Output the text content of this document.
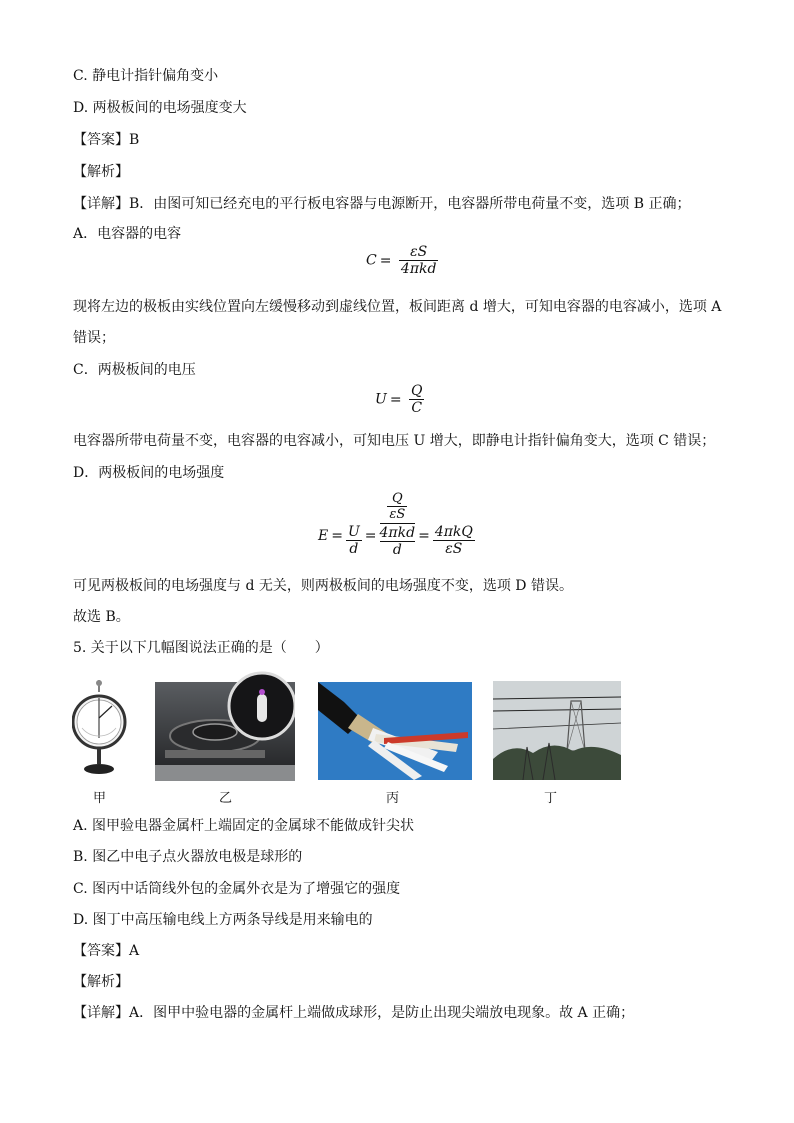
C. 静电计指针偏角变小
D. 两极板间的电场强度变大
【答案】B
【解析】
【详解】B．由图可知已经充电的平行板电容器与电源断开，电容器所带电荷量不变，选项 B 正确；
A．电容器的电容
$C = \frac{\varepsilon S}{\text{4πkd}}$
现将左边的极板由实线位置向左缓慢移动到虚线位置，板间距离 d 增大，可知电容器的电容减小，选项 A
错误；
C．两极板间的电压
$U = \frac{Q}{C}$
电容器所带电荷量不变，电容器的电容减小，可知电压 U 增大，即静电计指针偏角变大，选项 C 错误；
D．两极板间的电场强度
$E = \frac{U}{d}$ =
$\frac{Q}{\varepsilon S}$
4πkd
d
= $\frac{\text{4πkQ}}{\varepsilon S}$
可见两极板间的电场强度与 d 无关，则两极板间的电场强度不变，选项 D 错误。
故选 B。
5. 关于以下几幅图说法正确的是（　　）
甲	乙	丙	丁
A. 图甲验电器金属杆上端固定的金属球不能做成针尖状
B. 图乙中电子点火器放电极是球形的
C. 图丙中话筒线外包的金属外衣是为了增强它的强度
D. 图丁中高压输电线上方两条导线是用来输电的
【答案】A
【解析】
【详解】A．图甲中验电器的金属杆上端做成球形，是防止出现尖端放电现象。故 A 正确；
